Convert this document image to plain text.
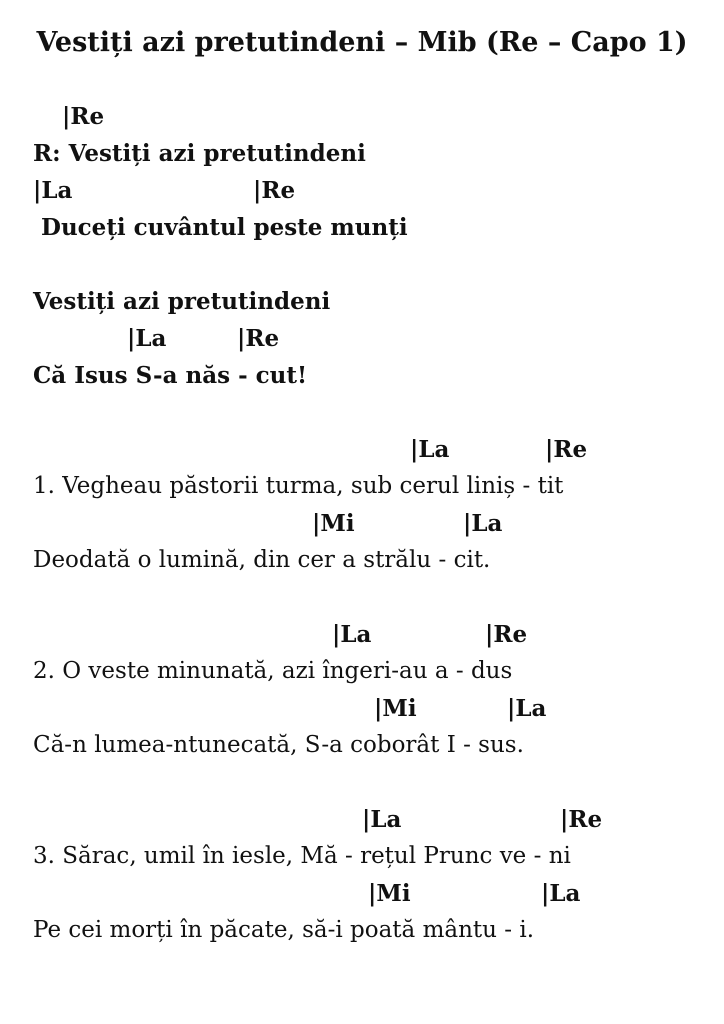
Vestiți azi pretutindeni – Mib (Re – Capo 1)
|Re
R: Vestiți azi pretutindeni
|La	|Re
Duceți cuvântul peste munți
Vestiți azi pretutindeni
|La	|Re
Că Isus S-a năs - cut!
|La	|Re
1. Vegheau păstorii turma, sub cerul liniș - tit
|Mi	|La
Deodată o lumină, din cer a strălu - cit.
|La	|Re
2. O veste minunată, azi îngeri-au a - dus
|Mi	|La
Că-n lumea-ntunecată, S-a coborât I - sus.
|La	|Re
3. Sărac, umil în iesle, Mă - rețul Prunc ve - ni
|Mi	|La
Pe cei morți în păcate, să-i poată mântu - i.
